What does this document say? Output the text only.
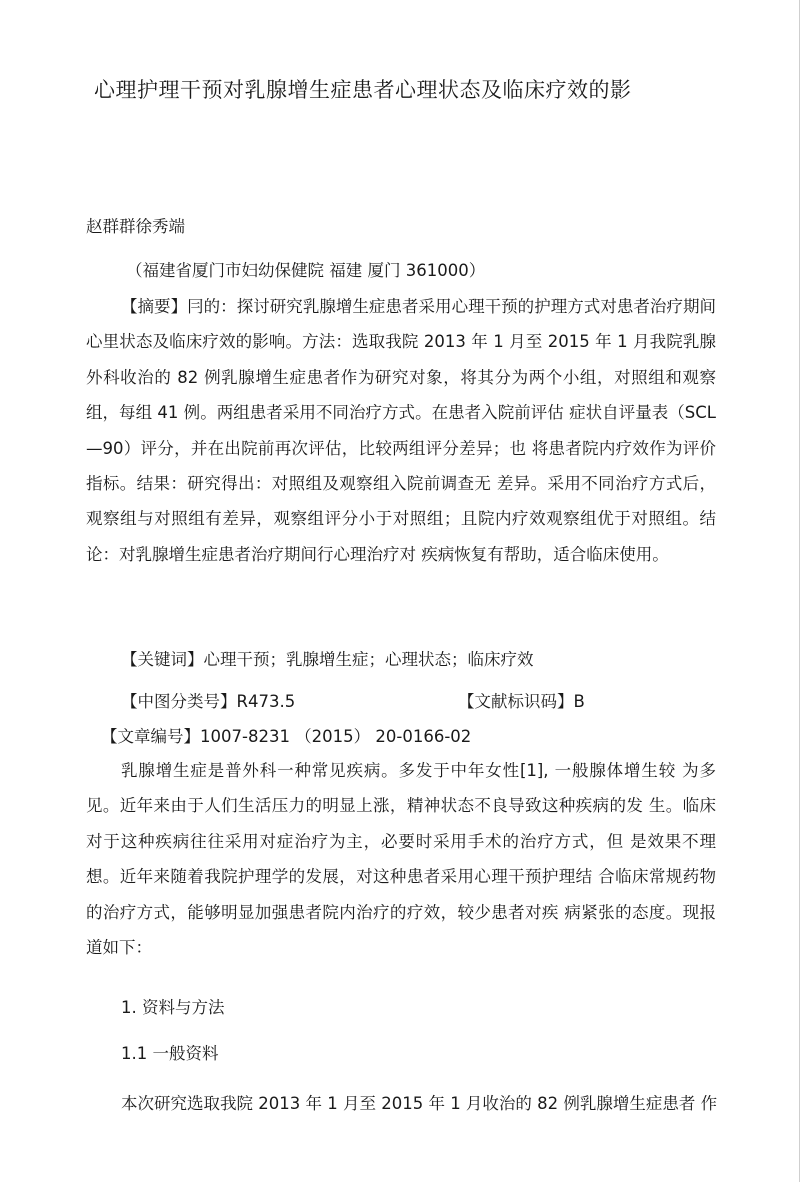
心理护理干预对乳腺增生症患者心理状态及临床疗效的影
赵群群徐秀端
（福建省厦门市妇幼保健院 福建 厦门 361000）
【摘要】冃的：探讨研究乳腺增生症患者采用心理干预的护理方式对患者治疗期间心里状态及临床疗效的影响。方法：选取我院 2013 年 1 月至 2015 年 1 月我院乳腺外科收治的 82 例乳腺增生症患者作为研究对象，将其分为两个小组，对照组和观察组，每组 41 例。两组患者采用不同治疗方式。在患者入院前评估 症状自评量表（SCL—90）评分，并在出院前再次评估，比较两组评分差异；也 将患者院内疗效作为评价指标。结果：研究得出：对照组及观察组入院前调查无 差异。采用不同治疗方式后，观察组与对照组有差异，观察组评分小于对照组；且院内疗效观察组优于对照组。结论：对乳腺增生症患者治疗期间行心理治疗对 疾病恢复有帮助，适合临床使用。
【关键词】心理干预；乳腺增生症；心理状态；临床疗效
【中图分类号】R473.5	【文献标识码】B
【文章编号】1007-8231 （2015） 20-0166-02
乳腺增生症是普外科一种常见疾病。多发于中年女性[1], 一般腺体增生较 为多见。近年来由于人们生活压力的明显上涨，精神状态不良导致这种疾病的发 生。临床对于这种疾病往往采用对症治疗为主，必要时采用手术的治疗方式，但 是效果不理想。近年来随着我院护理学的发展，对这种患者采用心理干预护理结 合临床常规药物的治疗方式，能够明显加强患者院内治疗的疗效，较少患者对疾 病紧张的态度。现报道如下：
1. 资料与方法
1.1 一般资料
本次研究选取我院 2013 年 1 月至 2015 年 1 月收治的 82 例乳腺增生症患者 作
